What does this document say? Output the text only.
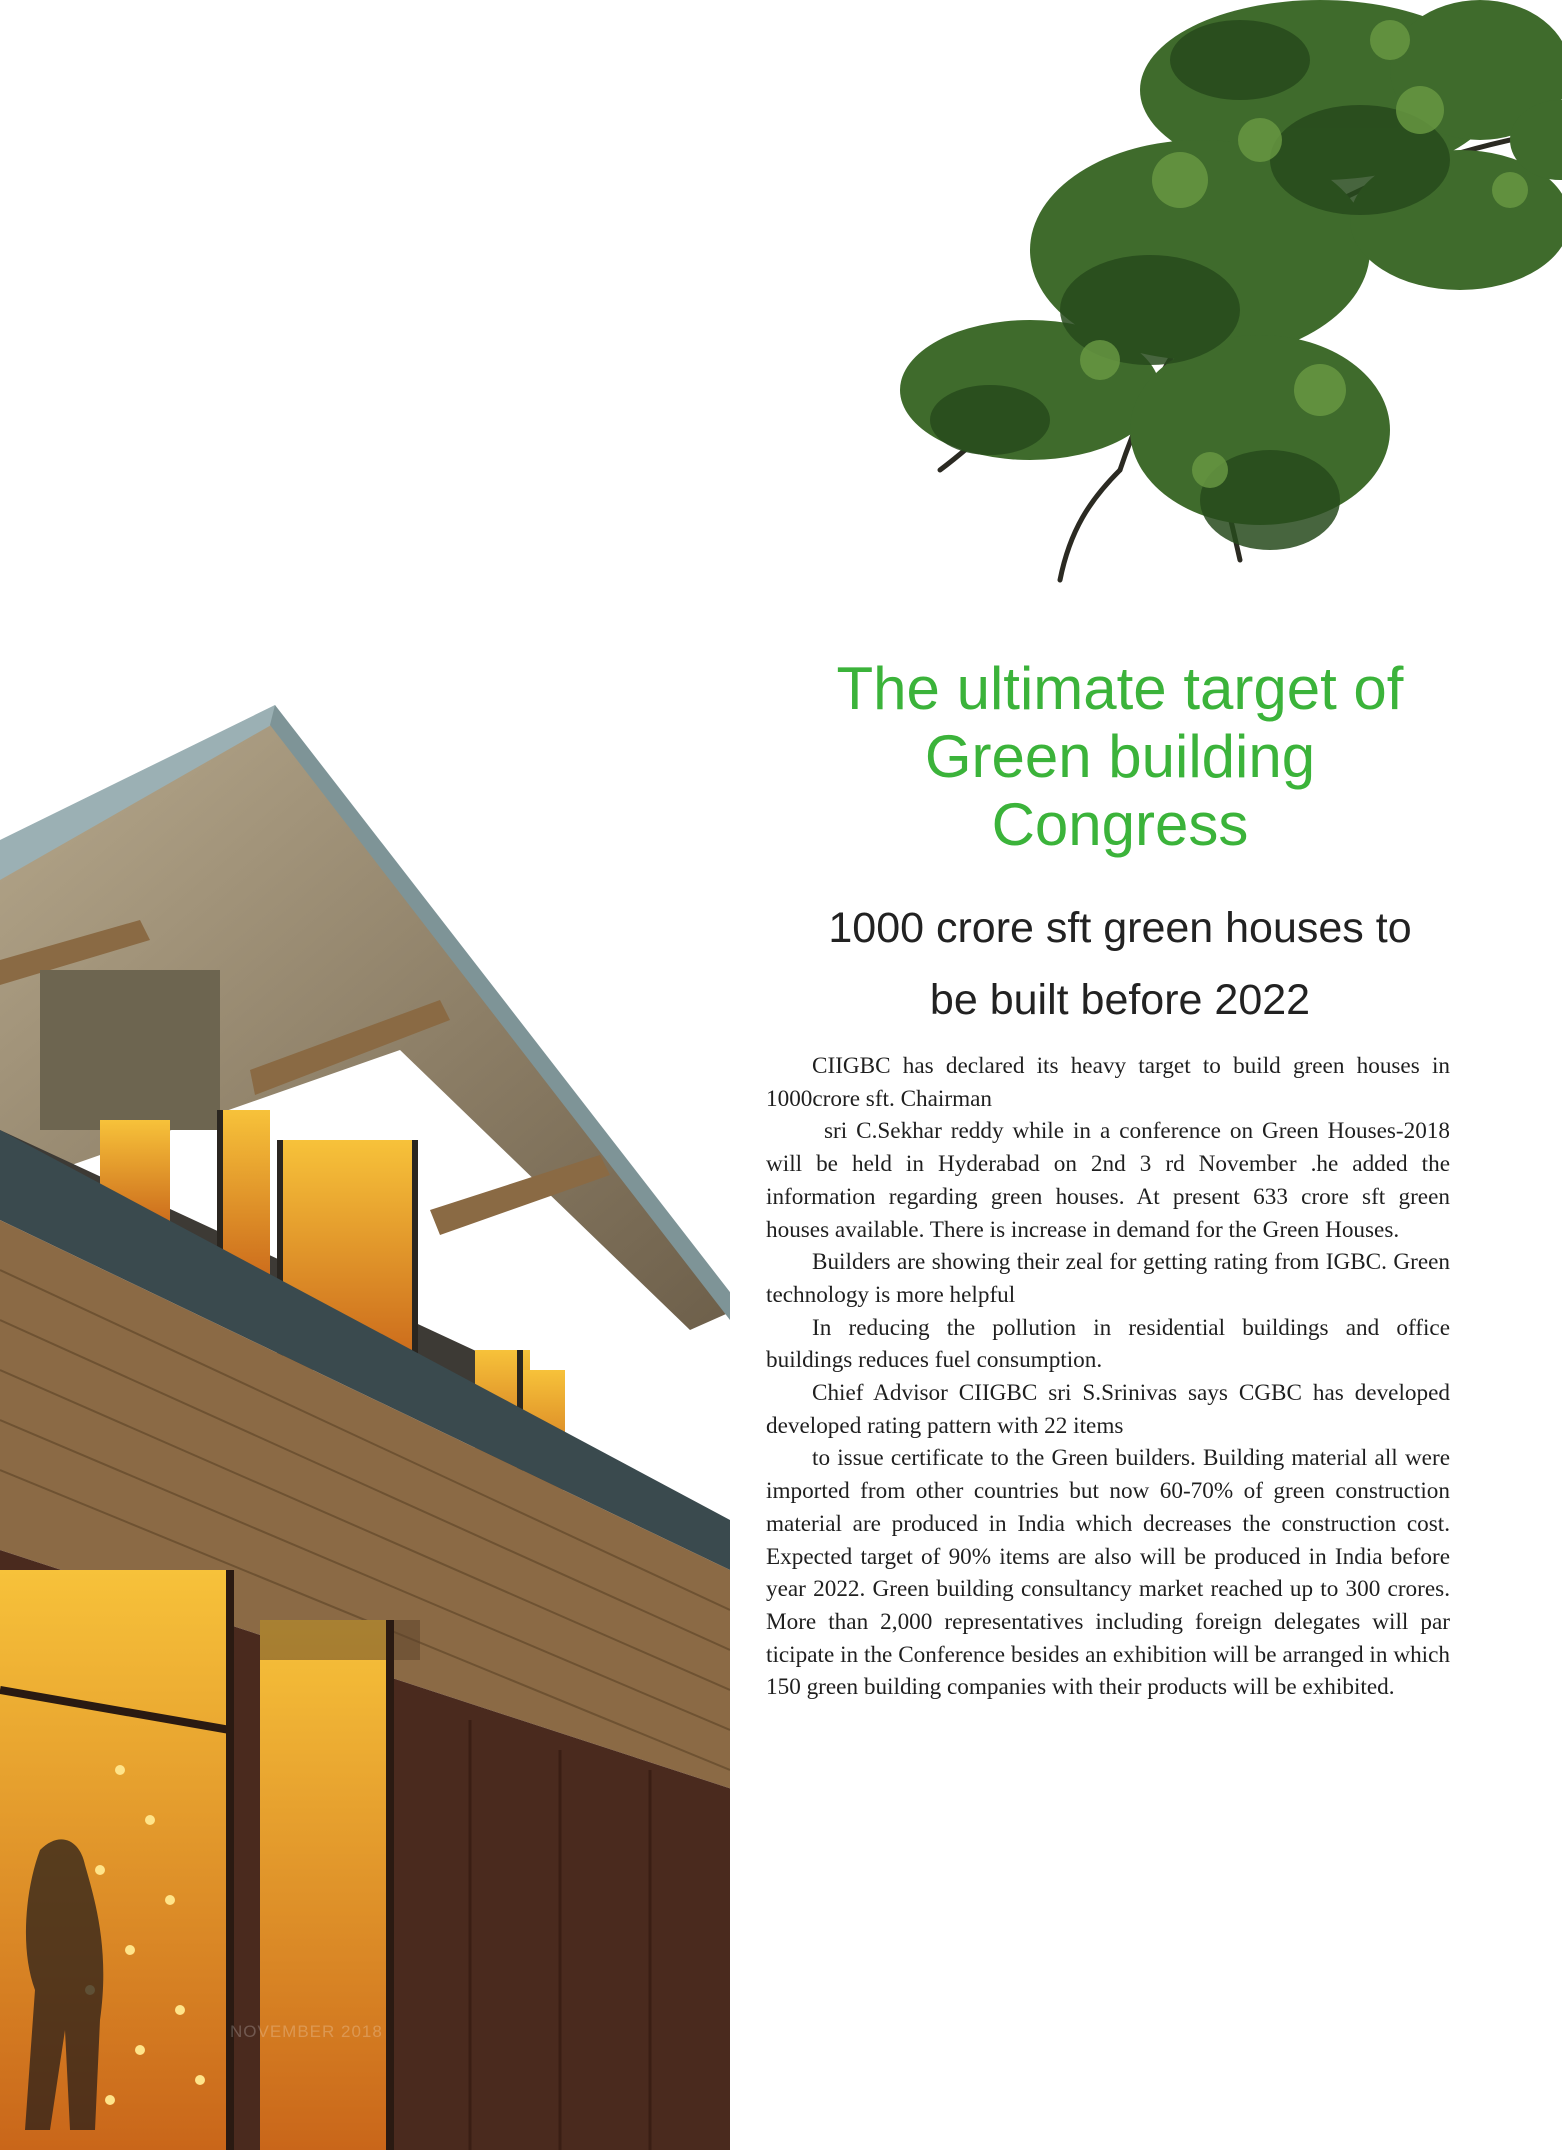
The ultimate target of
Green building
Congress
1000 crore sft green houses to
be built before 2022

CIIGBC has declared its heavy target to build green houses in 1000crore sft. Chairman

sri C.Sekhar reddy while in a conference on Green Houses-2018 will be held in Hyderabad on 2nd 3 rd November .he added the information regarding green houses. At present 633 crore sft green houses available. There is increase in demand for the Green Houses.

Builders are showing their zeal for getting rating from IGBC. Green technology is more helpful

In reducing the pollution in residential buildings and office buildings reduces fuel consumption.

Chief Advisor CIIGBC sri S.Srinivas says CGBC has developed developed rating pattern with 22 items

to issue certificate to the Green builders. Building material all were imported from other countries but now 60-70% of green construction material are produced in India which decreases the construction cost. Expected target of 90% items are also will be produced in India before year 2022. Green building consultancy market reached up to 300 crores. More than 2,000 representatives including foreign delegates will par ticipate in the Conference besides an exhibition will be arranged in which 150 green building companies with their products will be exhibited.

NOVEMBER 2018
